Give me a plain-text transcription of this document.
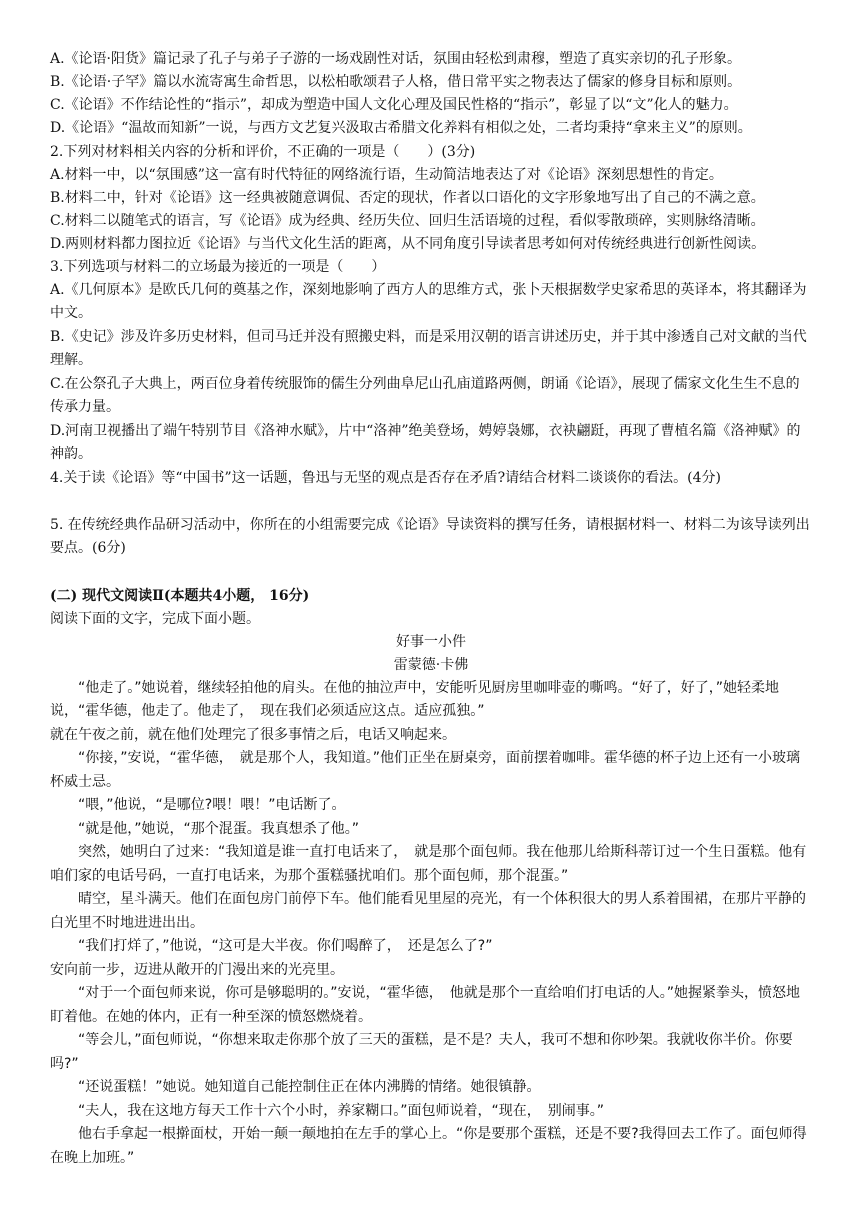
A.《论语·阳货》篇记录了孔子与弟子子游的一场戏剧性对话，氛围由轻松到肃穆，塑造了真实亲切的孔子形象。
B.《论语·子罕》篇以水流寄寓生命哲思，以松柏歌颂君子人格，借日常平实之物表达了儒家的修身目标和原则。
C.《论语》不作结论性的“指示”，却成为塑造中国人文化心理及国民性格的“指示”，彰显了以“文”化人的魅力。
D.《论语》“温故而知新”一说，与西方文艺复兴汲取古希腊文化养料有相似之处，二者均秉持“拿来主义”的原则。
2.下列对材料相关内容的分析和评价，不正确的一项是（　　）(3分)
A.材料一中，以“氛围感”这一富有时代特征的网络流行语，生动简洁地表达了对《论语》深刻思想性的肯定。
B.材料二中，针对《论语》这一经典被随意调侃、否定的现状，作者以口语化的文字形象地写出了自己的不满之意。
C.材料二以随笔式的语言，写《论语》成为经典、经历失位、回归生活语境的过程，看似零散琐碎，实则脉络清晰。
D.两则材料都力图拉近《论语》与当代文化生活的距离，从不同角度引导读者思考如何对传统经典进行创新性阅读。
3.下列选项与材料二的立场最为接近的一项是（　　）
A.《几何原本》是欧氏几何的奠基之作，深刻地影响了西方人的思维方式，张卜天根据数学史家希思的英译本，将其翻译为中文。
B.《史记》涉及许多历史材料，但司马迁并没有照搬史料，而是采用汉朝的语言讲述历史，并于其中渗透自己对文献的当代理解。
C.在公祭孔子大典上，两百位身着传统服饰的儒生分列曲阜尼山孔庙道路两侧，朗诵《论语》，展现了儒家文化生生不息的传承力量。
D.河南卫视播出了端午特别节目《洛神水赋》，片中“洛神”绝美登场，娉婷袅娜，衣袂翩跹，再现了曹植名篇《洛神赋》的神韵。
4.关于读《论语》等“中国书”这一话题，鲁迅与无坚的观点是否存在矛盾?请结合材料二谈谈你的看法。(4分)
5. 在传统经典作品研习活动中，你所在的小组需要完成《论语》导读资料的撰写任务，请根据材料一、材料二为该导读列出要点。(6分)
(二) 现代文阅读Ⅱ(本题共4小题， 16分)
阅读下面的文字，完成下面小题。
好事一小件
雷蒙德·卡佛
“他走了。”她说着，继续轻拍他的肩头。在他的抽泣声中，安能听见厨房里咖啡壶的嘶鸣。“好了，好了，”她轻柔地说，“霍华德，他走了。他走了，　现在我们必须适应这点。适应孤独。”
就在午夜之前，就在他们处理完了很多事情之后，电话又响起来。
“你接，”安说，“霍华德，　就是那个人，我知道。”他们正坐在厨桌旁，面前摆着咖啡。霍华德的杯子边上还有一小玻璃杯威士忌。
“喂，”他说，“是哪位?喂！喂！”电话断了。
“就是他，”她说，“那个混蛋。我真想杀了他。”
突然，她明白了过来：“我知道是谁一直打电话来了，　就是那个面包师。我在他那儿给斯科蒂订过一个生日蛋糕。他有咱们家的电话号码，一直打电话来，为那个蛋糕骚扰咱们。那个面包师，那个混蛋。”
晴空，星斗满天。他们在面包房门前停下车。他们能看见里屋的亮光，有一个体积很大的男人系着围裙，在那片平静的白光里不时地进进出出。
“我们打烊了，”他说，“这可是大半夜。你们喝醉了，　还是怎么了?”
安向前一步，迈进从敞开的门漫出来的光亮里。
“对于一个面包师来说，你可是够聪明的。”安说，“霍华德，　他就是那个一直给咱们打电话的人。”她握紧拳头，愤怒地盯着他。在她的体内，正有一种至深的愤怒燃烧着。
“等会儿，”面包师说，“你想来取走你那个放了三天的蛋糕，是不是？夫人，我可不想和你吵架。我就收你半价。你要吗?”
“还说蛋糕！”她说。她知道自己能控制住正在体内沸腾的情绪。她很镇静。
“夫人，我在这地方每天工作十六个小时，养家糊口。”面包师说着，“现在，　别闹事。”
他右手拿起一根擀面杖，开始一颠一颠地拍在左手的掌心上。“你是要那个蛋糕，还是不要?我得回去工作了。面包师得在晚上加班。”
